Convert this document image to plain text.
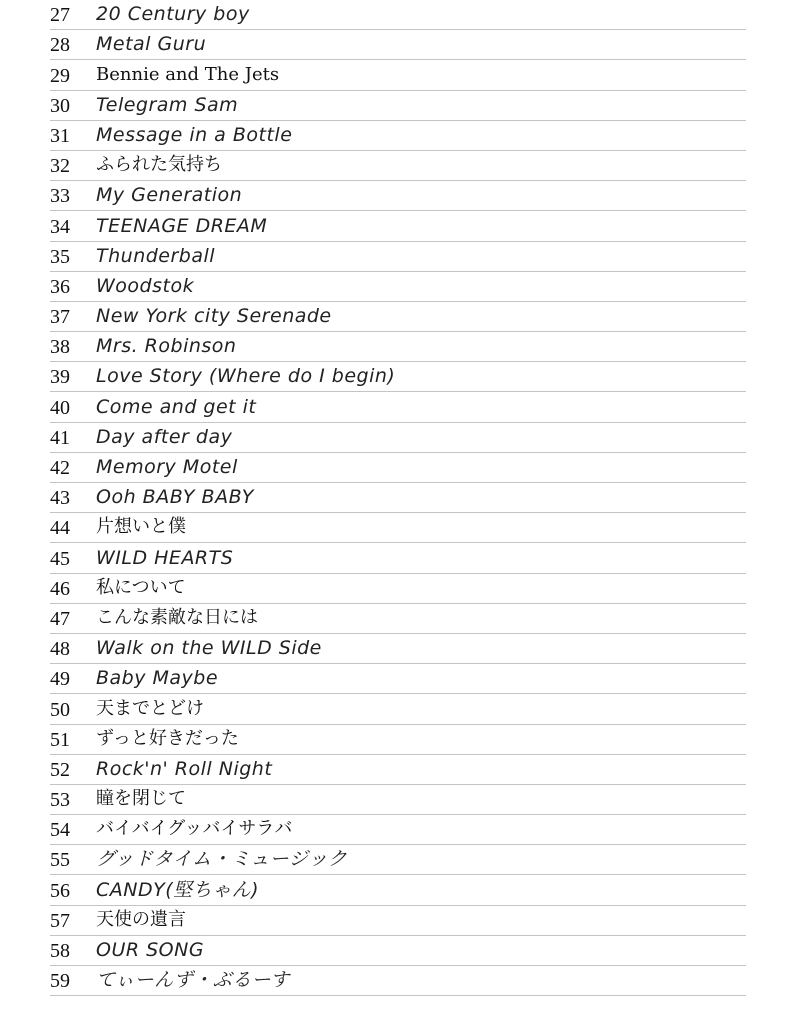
27	20 Century boy
28	Metal Guru
29	Bennie and The Jets
30	Telegram Sam
31	Message in a Bottle
32	ふられた気持ち
33	My Generation
34	TEENAGE DREAM
35	Thunderball
36	Woodstok
37	New York city Serenade
38	Mrs. Robinson
39	Love Story (Where do I begin)
40	Come and get it
41	Day after day
42	Memory Motel
43	Ooh BABY BABY
44	片想いと僕
45	WILD HEARTS
46	私について
47	こんな素敵な日には
48	Walk on the WILD Side
49	Baby Maybe
50	天までとどけ
51	ずっと好きだった
52	Rock'n' Roll Night
53	瞳を閉じて
54	バイバイグッバイサラバ
55	グッドタイム・ミュージック
56	CANDY(堅ちゃん)
57	天使の遺言
58	OUR SONG
59	てぃーんず・ぶるーす
